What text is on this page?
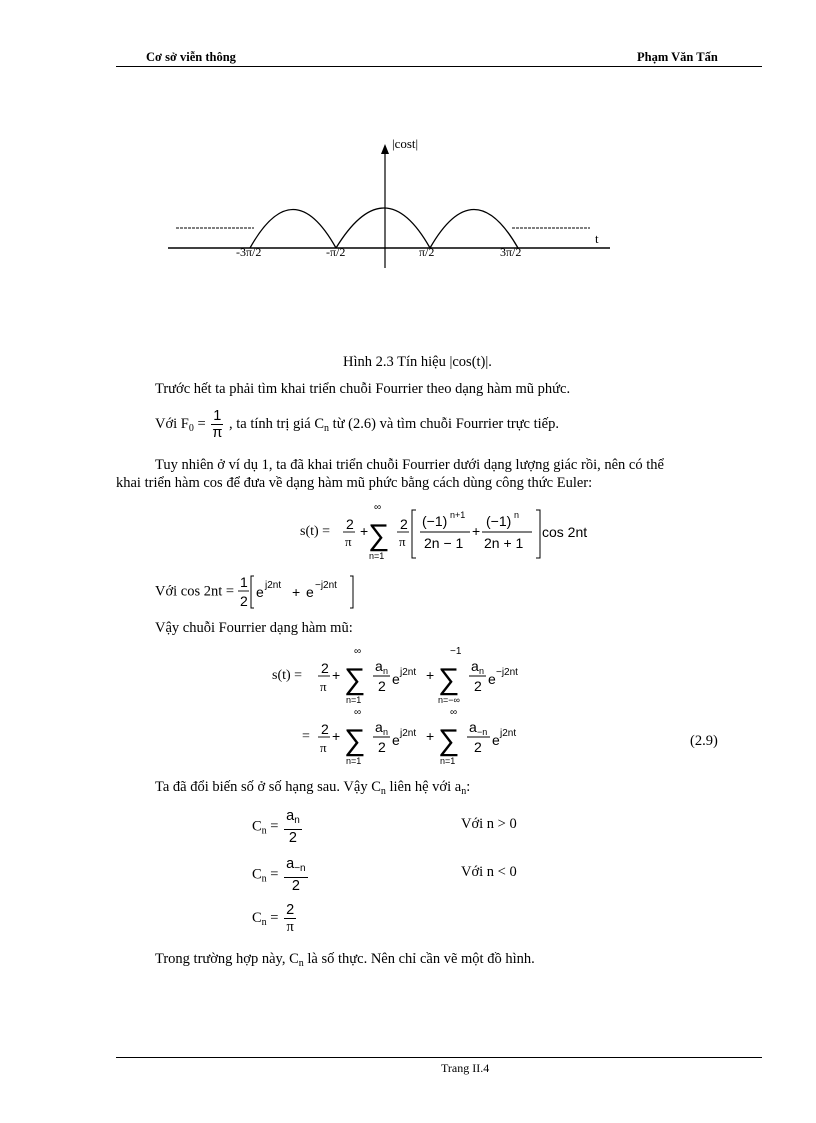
Cơ sở viễn thông	Phạm Văn Tấn
|cost|
t
-3π/2	-π/2	π/2	3π/2
Hình 2.3 Tín hiệu |cos(t)|.
Trước hết ta phải tìm khai triển chuỗi Fourrier theo dạng hàm mũ phức.
Với $F_0 = \frac{1}{\pi}$ , ta tính trị giá $C_n$ từ (2.6) và tìm chuỗi Fourrier trực tiếp.
Tuy nhiên ở ví dụ 1, ta đã khai triển chuỗi Fourrier dưới dạng lượng giác rồi, nên có thể
khai triển hàm cos để đưa về dạng hàm mũ phức bằng cách dùng công thức Euler:
s(t) = 2
π
+
∞
∑
n=1
2
π
(−1) n+1
2n − 1
+
(−1) n
2n + 1
cos 2nt
Với cos 2nt =
1
2
e j2nt + e −j2nt
Vậy chuỗi Fourrier dạng hàm mũ:
s(t) = 2
π
+
∞
∑
n=1
a n
2 e j2nt +
−1
∑
n=−∞
a n
2 e −j2nt
= 2
π
+
∞
∑
n=1
a n
2 e j2nt +
∞
∑
n=1
a −n
2 e j2nt	(2.9)
Ta đã đổi biến số ở số hạng sau. Vậy $C_n$ liên hệ với $a_n$:
$C_n = \frac{a_n}{2}$	Với n > 0
$C_n = \frac{a_{-n}}{2}$	Với n < 0
$C_n = \frac{2}{\pi}$
Trong trường hợp này, $C_n$ là số thực. Nên chỉ cần vẽ một đồ hình.
Trang II.4
